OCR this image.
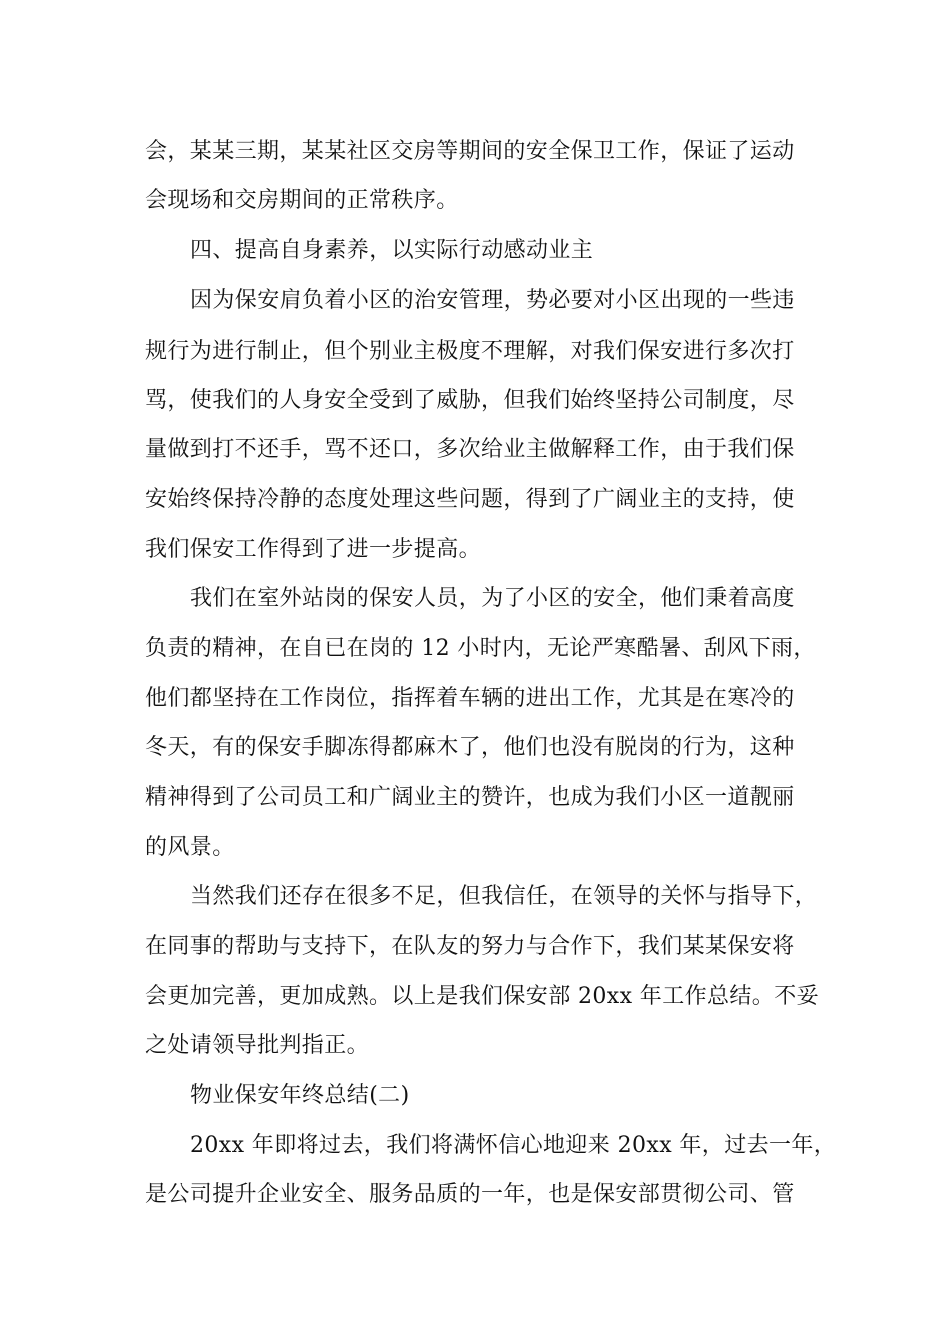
会，某某三期，某某社区交房等期间的安全保卫工作，保证了运动
会现场和交房期间的正常秩序。
四、提高自身素养，以实际行动感动业主
因为保安肩负着小区的治安管理，势必要对小区出现的一些违
规行为进行制止，但个别业主极度不理解，对我们保安进行多次打
骂，使我们的人身安全受到了威胁，但我们始终坚持公司制度，尽
量做到打不还手，骂不还口，多次给业主做解释工作，由于我们保
安始终保持冷静的态度处理这些问题，得到了广阔业主的支持，使
我们保安工作得到了进一步提高。
我们在室外站岗的保安人员，为了小区的安全，他们秉着高度
负责的精神，在自已在岗的 12 小时内，无论严寒酷暑、刮风下雨，
他们都坚持在工作岗位，指挥着车辆的进出工作，尤其是在寒冷的
冬天，有的保安手脚冻得都麻木了，他们也没有脱岗的行为，这种
精神得到了公司员工和广阔业主的赞许，也成为我们小区一道靓丽
的风景。
当然我们还存在很多不足，但我信任，在领导的关怀与指导下，
在同事的帮助与支持下，在队友的努力与合作下，我们某某保安将
会更加完善，更加成熟。以上是我们保安部 20xx 年工作总结。不妥
之处请领导批判指正。
物业保安年终总结(二)
20xx 年即将过去，我们将满怀信心地迎来 20xx 年，过去一年，
是公司提升企业安全、服务品质的一年，也是保安部贯彻公司、管
